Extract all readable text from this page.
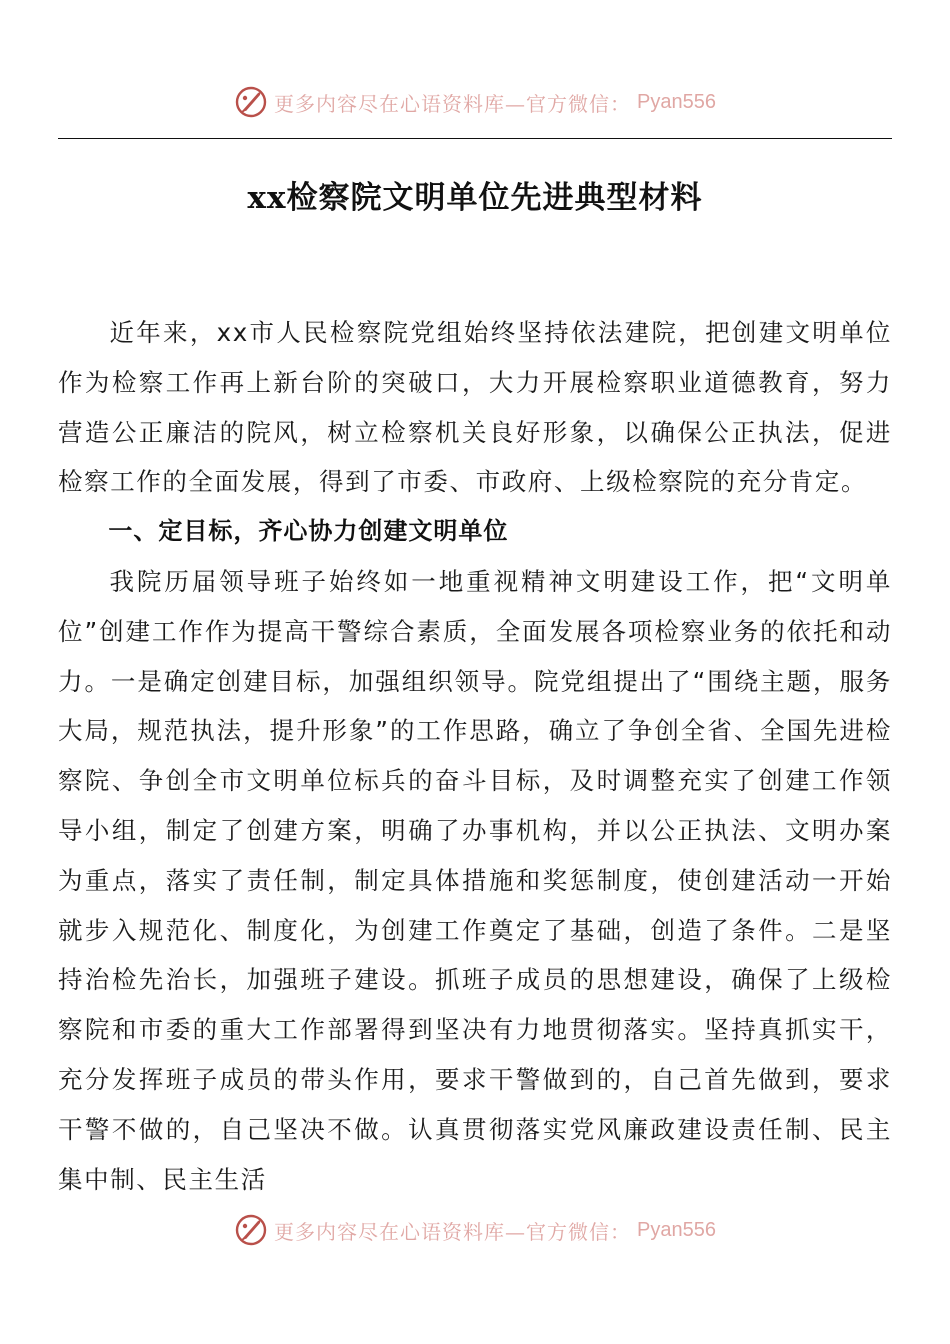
更多内容尽在心语资料库—官方微信： Pyan556
xx检察院文明单位先进典型材料

近年来，xx市人民检察院党组始终坚持依法建院，把创建文明单位作为检察工作再上新台阶的突破口，大力开展检察职业道德教育，努力营造公正廉洁的院风，树立检察机关良好形象，以确保公正执法，促进检察工作的全面发展，得到了市委、市政府、上级检察院的充分肯定。

一、定目标，齐心协力创建文明单位

我院历届领导班子始终如一地重视精神文明建设工作，把“文明单位”创建工作作为提高干警综合素质，全面发展各项检察业务的依托和动力。一是确定创建目标，加强组织领导。院党组提出了“围绕主题，服务大局，规范执法，提升形象”的工作思路，确立了争创全省、全国先进检察院、争创全市文明单位标兵的奋斗目标，及时调整充实了创建工作领导小组，制定了创建方案，明确了办事机构，并以公正执法、文明办案为重点，落实了责任制，制定具体措施和奖惩制度，使创建活动一开始就步入规范化、制度化，为创建工作奠定了基础，创造了条件。二是坚持治检先治长，加强班子建设。抓班子成员的思想建设，确保了上级检察院和市委的重大工作部署得到坚决有力地贯彻落实。坚持真抓实干，充分发挥班子成员的带头作用，要求干警做到的，自己首先做到，要求干警不做的，自己坚决不做。认真贯彻落实党风廉政建设责任制、民主集中制、民主生活

更多内容尽在心语资料库—官方微信： Pyan556
